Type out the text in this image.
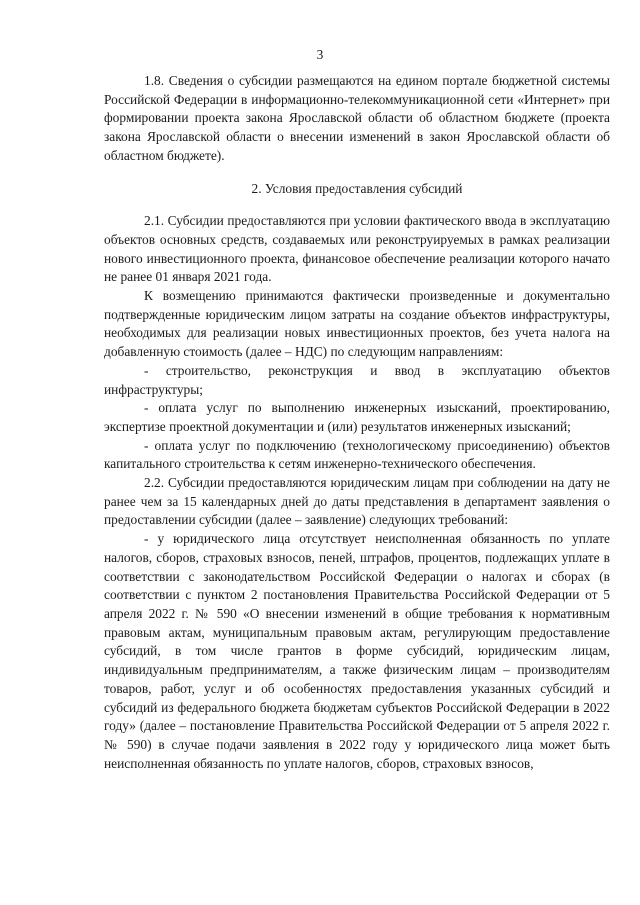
3

1.8. Сведения о субсидии размещаются на едином портале бюджетной системы Российской Федерации в информационно-телекоммуникационной сети «Интернет» при формировании проекта закона Ярославской области об областном бюджете (проекта закона Ярославской области о внесении изменений в закон Ярославской области об областном бюджете).

2. Условия предоставления субсидий

2.1. Субсидии предоставляются при условии фактического ввода в эксплуатацию объектов основных средств, создаваемых или реконструируемых в рамках реализации нового инвестиционного проекта, финансовое обеспечение реализации которого начато не ранее 01 января 2021 года.

К возмещению принимаются фактически произведенные и документально подтвержденные юридическим лицом затраты на создание объектов инфраструктуры, необходимых для реализации новых инвестиционных проектов, без учета налога на добавленную стоимость (далее – НДС) по следующим направлениям:

- строительство, реконструкция и ввод в эксплуатацию объектов инфраструктуры;

- оплата услуг по выполнению инженерных изысканий, проектированию, экспертизе проектной документации и (или) результатов инженерных изысканий;

- оплата услуг по подключению (технологическому присоединению) объектов капитального строительства к сетям инженерно-технического обеспечения.

2.2. Субсидии предоставляются юридическим лицам при соблюдении на дату не ранее чем за 15 календарных дней до даты представления в департамент заявления о предоставлении субсидии (далее – заявление) следующих требований:

- у юридического лица отсутствует неисполненная обязанность по уплате налогов, сборов, страховых взносов, пеней, штрафов, процентов, подлежащих уплате в соответствии с законодательством Российской Федерации о налогах и сборах (в соответствии с пунктом 2 постановления Правительства Российской Федерации от 5 апреля 2022 г. № 590 «О внесении изменений в общие требования к нормативным правовым актам, муниципальным правовым актам, регулирующим предоставление субсидий, в том числе грантов в форме субсидий, юридическим лицам, индивидуальным предпринимателям, а также физическим лицам – производителям товаров, работ, услуг и об особенностях предоставления указанных субсидий и субсидий из федерального бюджета бюджетам субъектов Российской Федерации в 2022 году» (далее – постановление Правительства Российской Федерации от 5 апреля 2022 г. № 590) в случае подачи заявления в 2022 году у юридического лица может быть неисполненная обязанность по уплате налогов, сборов, страховых взносов,
